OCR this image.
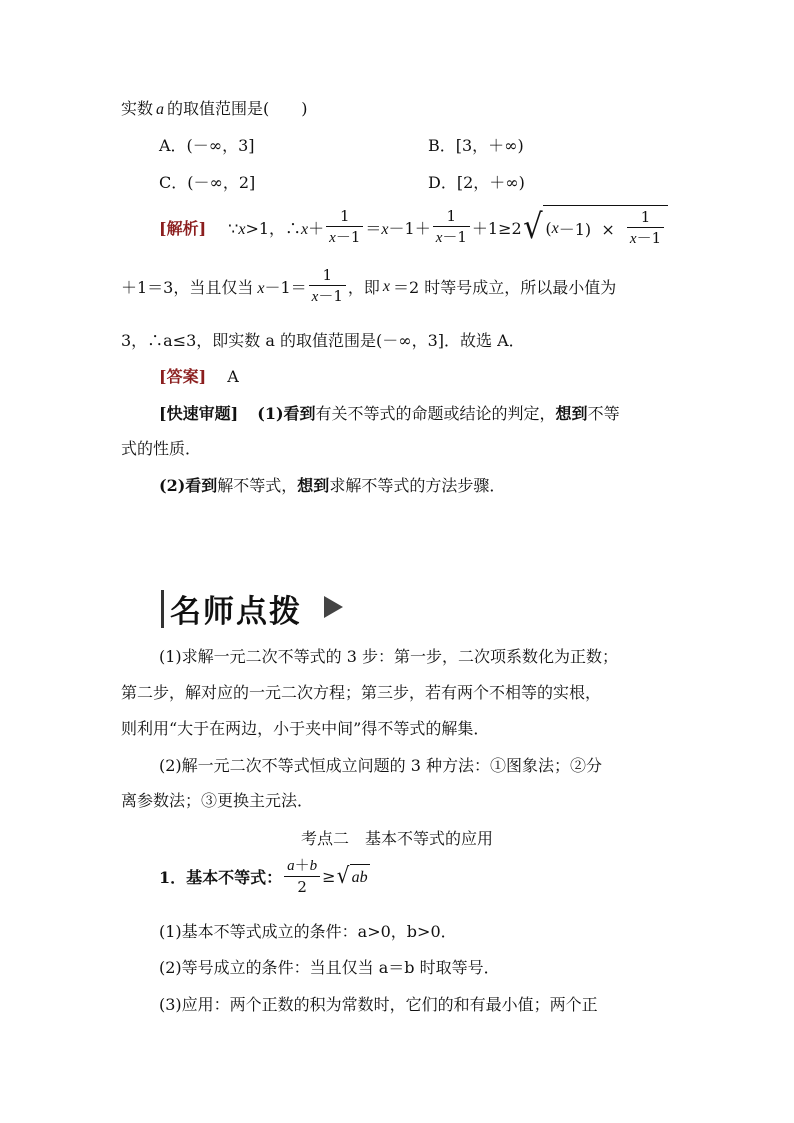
实数 a 的取值范围是(　　)
A．(－∞，3]	B．[3，＋∞)
C．(－∞，2]	D．[2，＋∞)
[解析] ∵x>1，∴x＋ $\frac{1}{x-1} =x-1+ \frac{1}{x-1} +1\ge 2$ √ ( $x -1) \times \frac{1}{x-1}$
＋1＝3，当且仅当 $x-1= \frac{1}{x-1}$ ，即 x ＝2 时等号成立，所以最小值为
3，∴a≤3，即实数 a 的取值范围是(－∞，3]．故选 A．
[答案] A
[快速审题] (1)看到有关不等式的命题或结论的判定，想到不等
式的性质．
(2)看到解不等式，想到求解不等式的方法步骤．
名师点拨
(1)求解一元二次不等式的 3 步：第一步，二次项系数化为正数；
第二步，解对应的一元二次方程；第三步，若有两个不相等的实根，
则利用“大于在两边，小于夹中间”得不等式的解集．
(2)解一元二次不等式恒成立问题的 3 种方法：①图象法；②分
离参数法；③更换主元法．
考点二　基本不等式的应用
1．基本不等式： $\frac{a+b}{2}$ ≥ √ ab
(1)基本不等式成立的条件：a>0，b>0．
(2)等号成立的条件：当且仅当 a＝b 时取等号．
(3)应用：两个正数的积为常数时，它们的和有最小值；两个正
